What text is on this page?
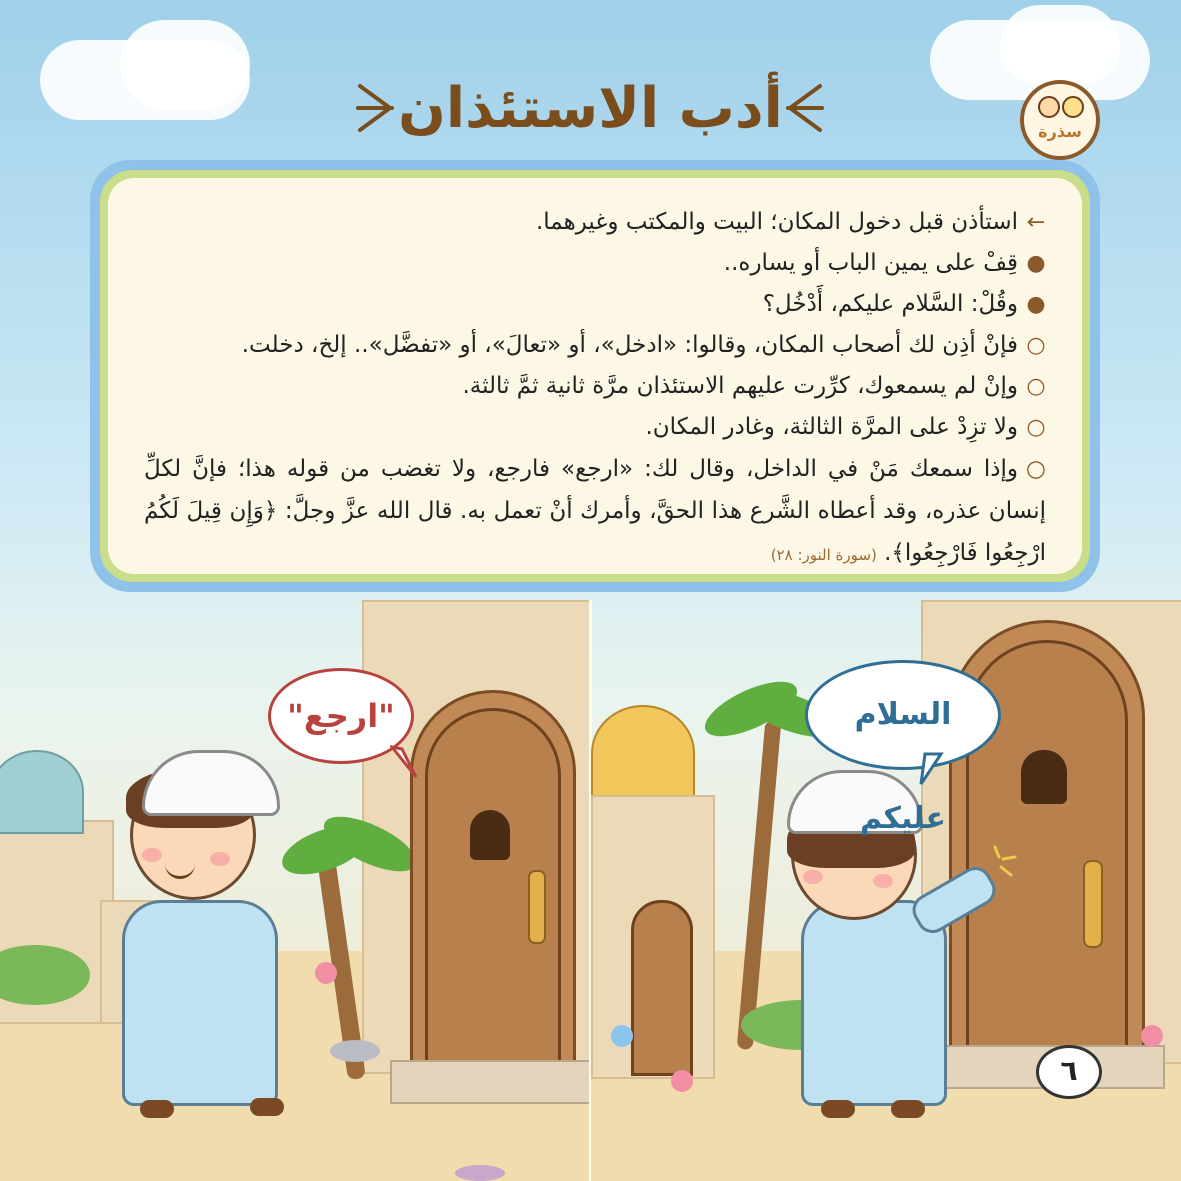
أدب الاستئذان	سذرة
←استأذن قبل دخول المكان؛ البيت والمكتب وغيرهما.
●قِفْ على يمين الباب أو يساره..
●وقُلْ: السَّلام عليكم، أَدْخُل؟
○فإنْ أذِن لك أصحاب المكان، وقالوا: «ادخل»، أو «تعالَ»، أو «تفضَّل».. إلخ، دخلت.
○وإنْ لم يسمعوك، كرِّرت عليهم الاستئذان مرَّة ثانية ثمَّ ثالثة.
○ولا تزِدْ على المرَّة الثالثة، وغادر المكان.
○وإذا سمعك مَنْ في الداخل، وقال لك: «ارجع» فارجع، ولا تغضب من قوله هذا؛ فإنَّ لكلِّ إنسان عذره، وقد أعطاه الشَّرع هذا الحقَّ، وأمرك أنْ تعمل به. قال الله عزَّ وجلَّ: ﴿وَإِن قِيلَ لَكُمُ ارْجِعُوا فَارْجِعُوا﴾. (سورة النور: ٢٨)
"ارجع"	السلام عليكم
٦
